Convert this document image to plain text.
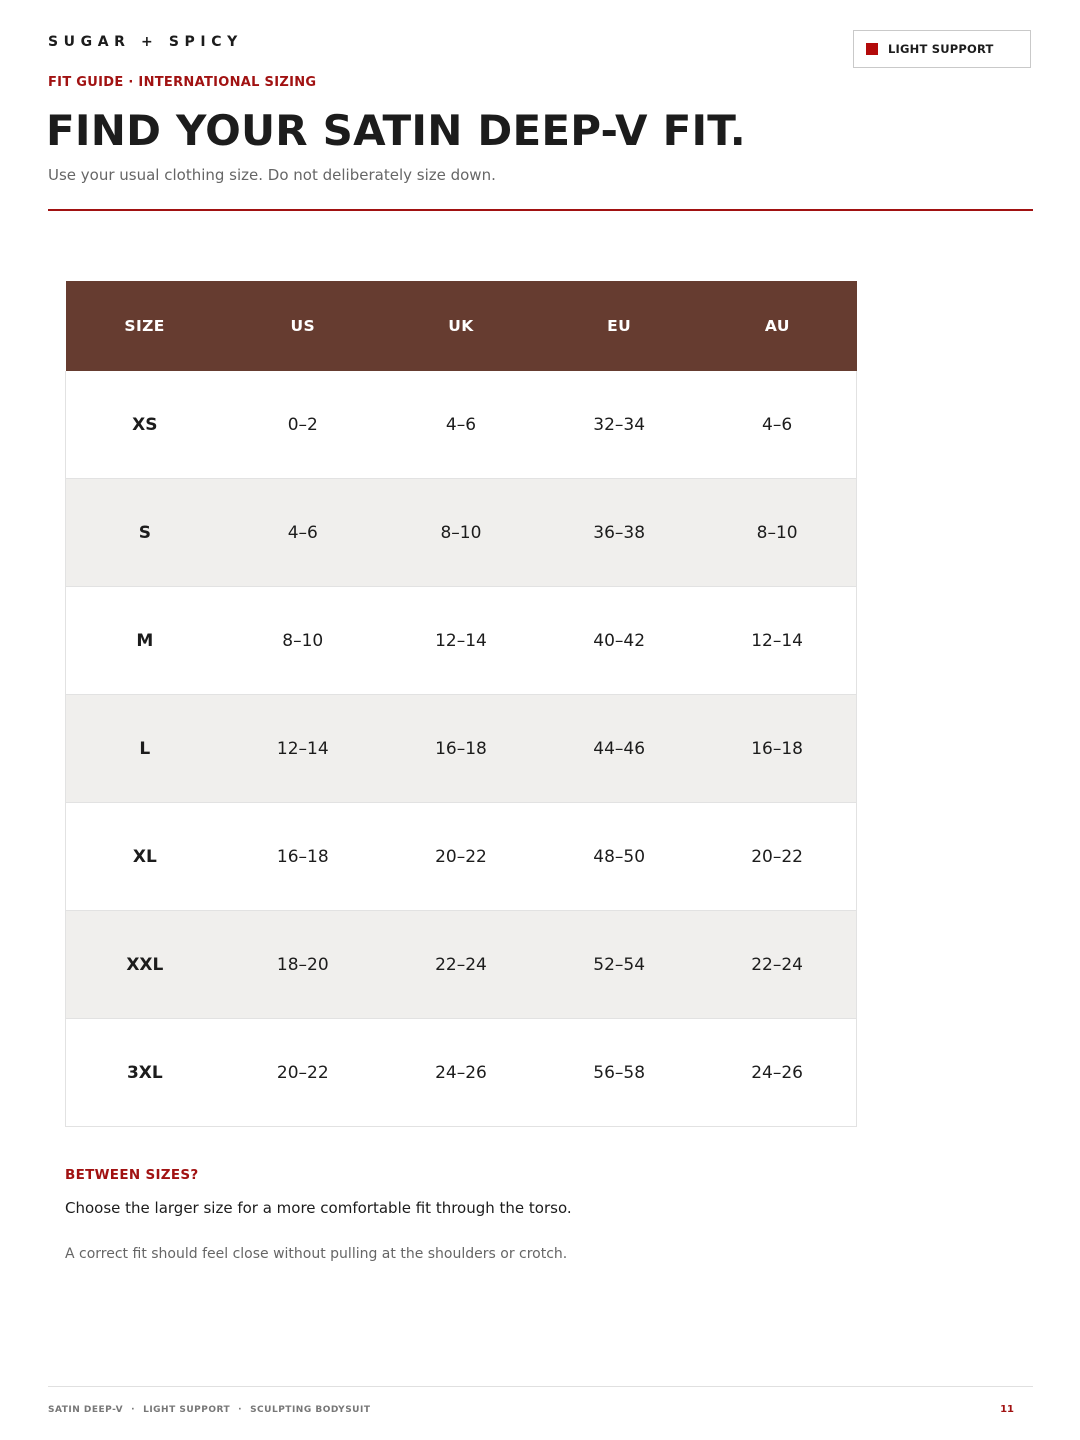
SUGAR + SPICY	LIGHT SUPPORT
FIT GUIDE · INTERNATIONAL SIZING
FIND YOUR SATIN DEEP-V FIT.
Use your usual clothing size. Do not deliberately size down.
SIZE	US	UK	EU	AU
XS	0–2	4–6	32–34	4–6
S	4–6	8–10	36–38	8–10
M	8–10	12–14	40–42	12–14
L	12–14	16–18	44–46	16–18
XL	16–18	20–22	48–50	20–22
XXL	18–20	22–24	52–54	22–24
3XL	20–22	24–26	56–58	24–26
BETWEEN SIZES?
Choose the larger size for a more comfortable fit through the torso.
A correct fit should feel close without pulling at the shoulders or crotch.
SATIN DEEP-V · LIGHT SUPPORT · SCULPTING BODYSUIT	11
